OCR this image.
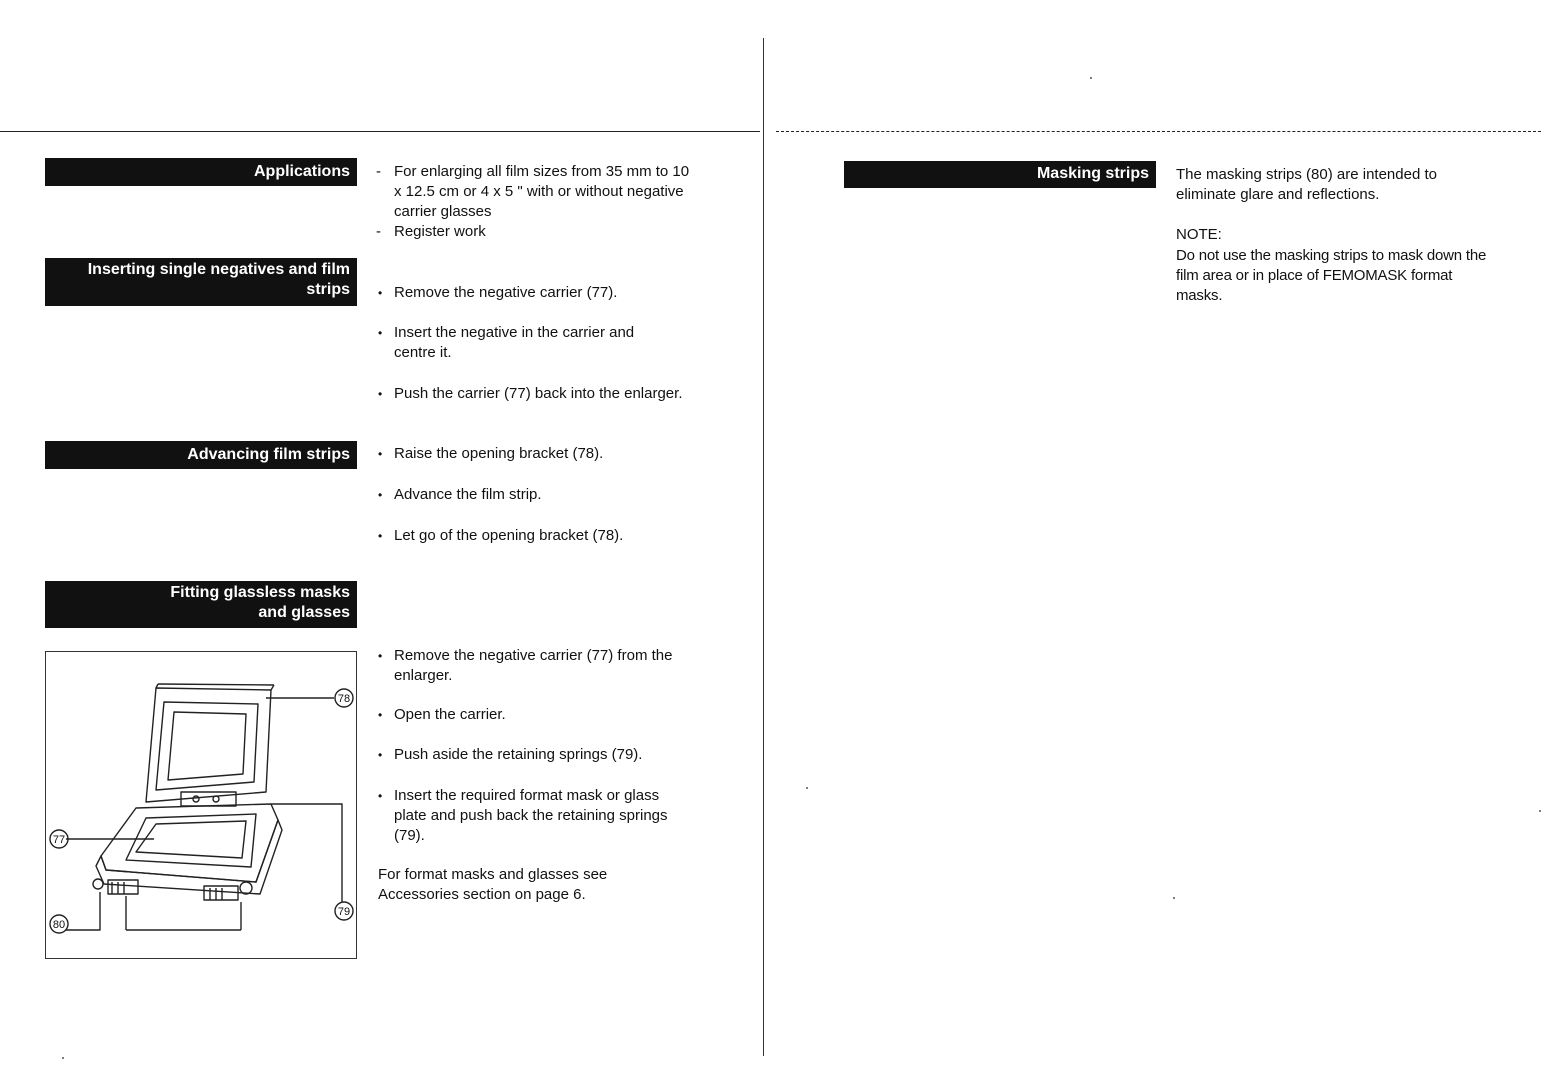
Applications	- For enlarging all film sizes from 35 mm to 10 x 12.5 cm or 4 x 5 " with or without negative carrier glasses
- Register work
Inserting single negatives and film
strips	• Remove the negative carrier (77).
• Insert the negative in the carrier and centre it.
• Push the carrier (77) back into the enlarger.
Advancing film strips	• Raise the opening bracket (78).
• Advance the film strip.
• Let go of the opening bracket (78).
Fitting glassless masks
and glasses
• Remove the negative carrier (77) from the enlarger.
• Open the carrier.
• Push aside the retaining springs (79).
• Insert the required format mask or glass plate and push back the retaining springs (79).
For format masks and glasses see Accessories section on page 6.
78
77
79
80
Masking strips	The masking strips (80) are intended to eliminate glare and reflections.
NOTE:
Do not use the masking strips to mask down the film area or in place of FEMOMASK format masks.
